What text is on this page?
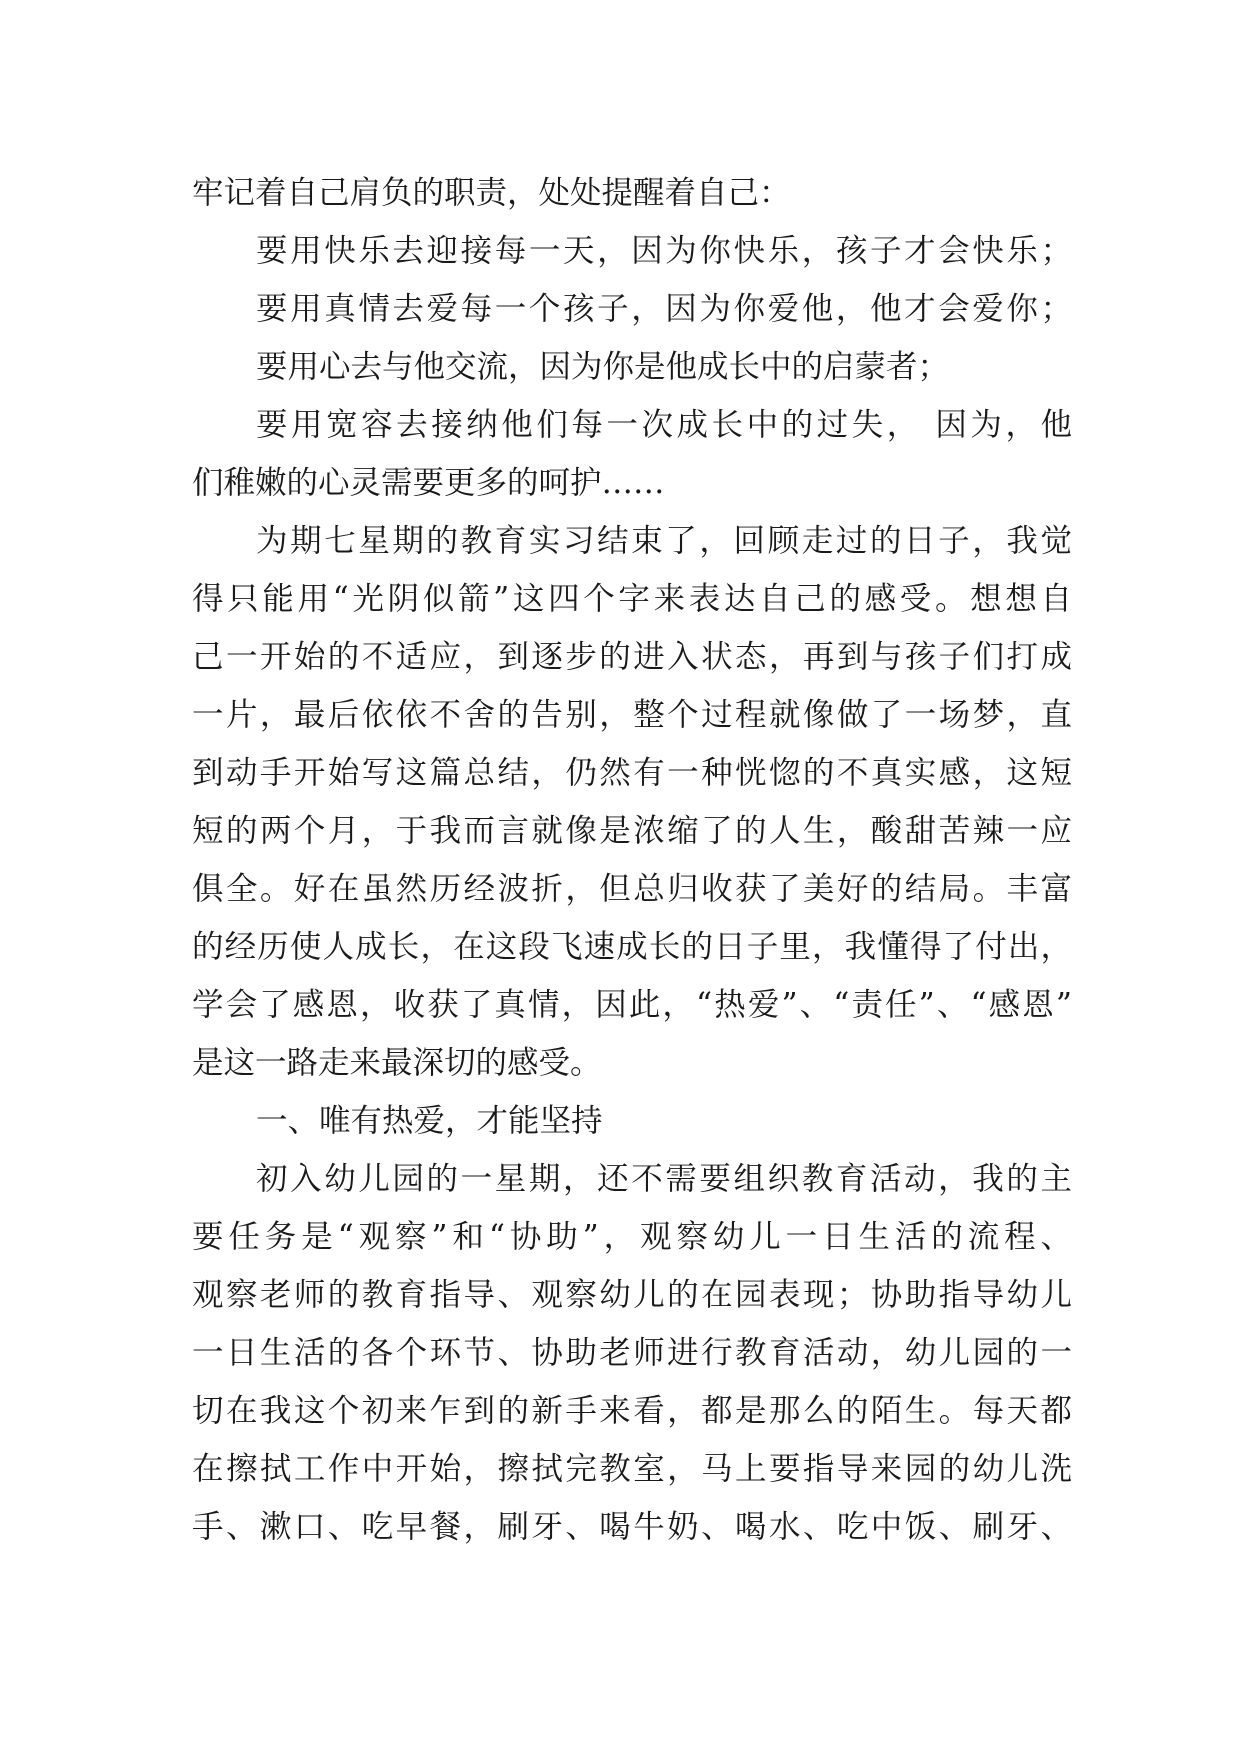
牢记着自己肩负的职责，处处提醒着自己：
要用快乐去迎接每一天，因为你快乐，孩子才会快乐；
要用真情去爱每一个孩子，因为你爱他，他才会爱你；
要用心去与他交流，因为你是他成长中的启蒙者；
要用宽容去接纳他们每一次成长中的过失， 因为，他
们稚嫩的心灵需要更多的呵护……
为期七星期的教育实习结束了，回顾走过的日子，我觉
得只能用“光阴似箭”这四个字来表达自己的感受。想想自
己一开始的不适应，到逐步的进入状态，再到与孩子们打成
一片，最后依依不舍的告别，整个过程就像做了一场梦，直
到动手开始写这篇总结，仍然有一种恍惚的不真实感，这短
短的两个月，于我而言就像是浓缩了的人生，酸甜苦辣一应
俱全。好在虽然历经波折，但总归收获了美好的结局。丰富
的经历使人成长，在这段飞速成长的日子里，我懂得了付出，
学会了感恩，收获了真情，因此，“热爱”、“责任”、“感恩”
是这一路走来最深切的感受。
一、唯有热爱，才能坚持
初入幼儿园的一星期，还不需要组织教育活动，我的主
要任务是“观察”和“协助”，观察幼儿一日生活的流程、
观察老师的教育指导、观察幼儿的在园表现；协助指导幼儿
一日生活的各个环节、协助老师进行教育活动，幼儿园的一
切在我这个初来乍到的新手来看，都是那么的陌生。每天都
在擦拭工作中开始，擦拭完教室，马上要指导来园的幼儿洗
手、漱口、吃早餐，刷牙、喝牛奶、喝水、吃中饭、刷牙、
